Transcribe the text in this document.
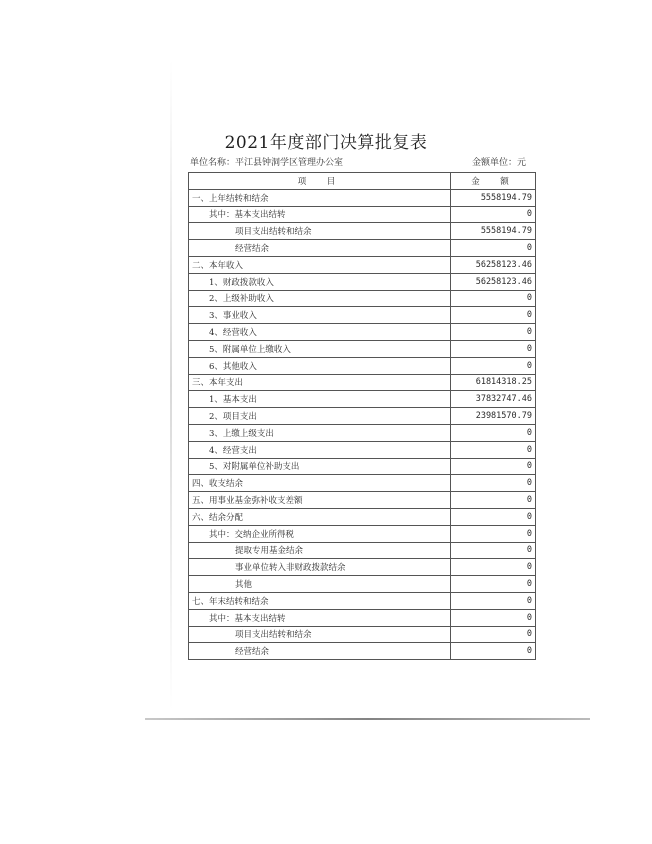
2021年度部门决算批复表
单位名称：平江县钟洞学区管理办公室	金额单位：元
项　目	金　额
一、上年结转和结余	5558194.79
其中：基本支出结转	0
项目支出结转和结余	5558194.79
经营结余	0
二、本年收入	56258123.46
1、财政拨款收入	56258123.46
2、上级补助收入	0
3、事业收入	0
4、经营收入	0
5、附属单位上缴收入	0
6、其他收入	0
三、本年支出	61814318.25
1、基本支出	37832747.46
2、项目支出	23981570.79
3、上缴上级支出	0
4、经营支出	0
5、对附属单位补助支出	0
四、收支结余	0
五、用事业基金弥补收支差额	0
六、结余分配	0
其中：交纳企业所得税	0
提取专用基金结余	0
事业单位转入非财政拨款结余	0
其他	0
七、年末结转和结余	0
其中：基本支出结转	0
项目支出结转和结余	0
经营结余	0
